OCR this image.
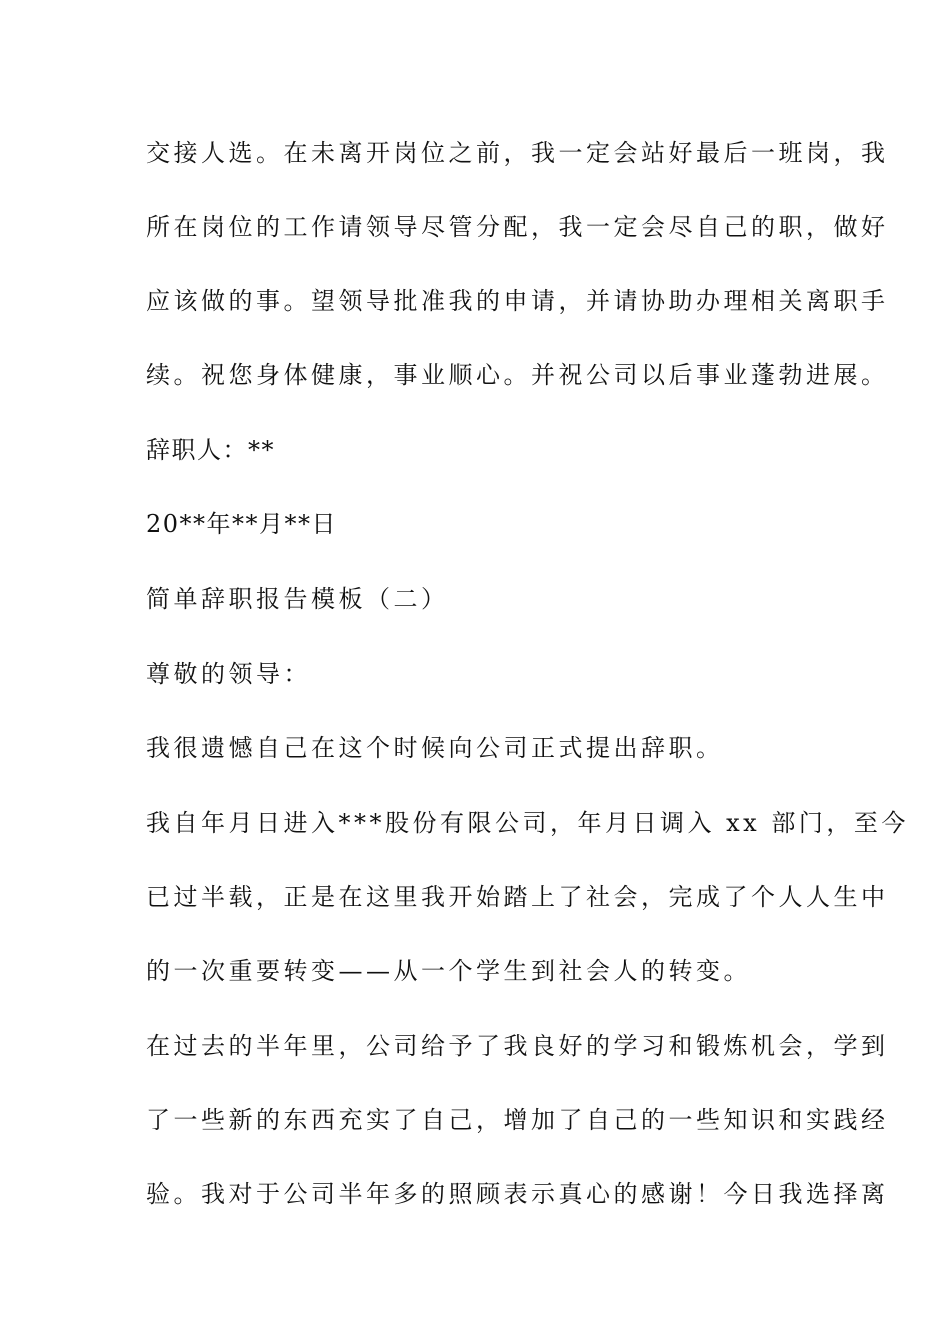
交接人选。在未离开岗位之前，我一定会站好最后一班岗，我
所在岗位的工作请领导尽管分配，我一定会尽自己的职，做好
应该做的事。望领导批准我的申请，并请协助办理相关离职手
续。祝您身体健康，事业顺心。并祝公司以后事业蓬勃进展。
辞职人：**
20**年**月**日
简单辞职报告模板（二）
尊敬的领导：
我很遗憾自己在这个时候向公司正式提出辞职。
我自年月日进入***股份有限公司，年月日调入 xx 部门，至今
已过半载，正是在这里我开始踏上了社会，完成了个人人生中
的一次重要转变——从一个学生到社会人的转变。
在过去的半年里，公司给予了我良好的学习和锻炼机会，学到
了一些新的东西充实了自己，增加了自己的一些知识和实践经
验。我对于公司半年多的照顾表示真心的感谢！今日我选择离
